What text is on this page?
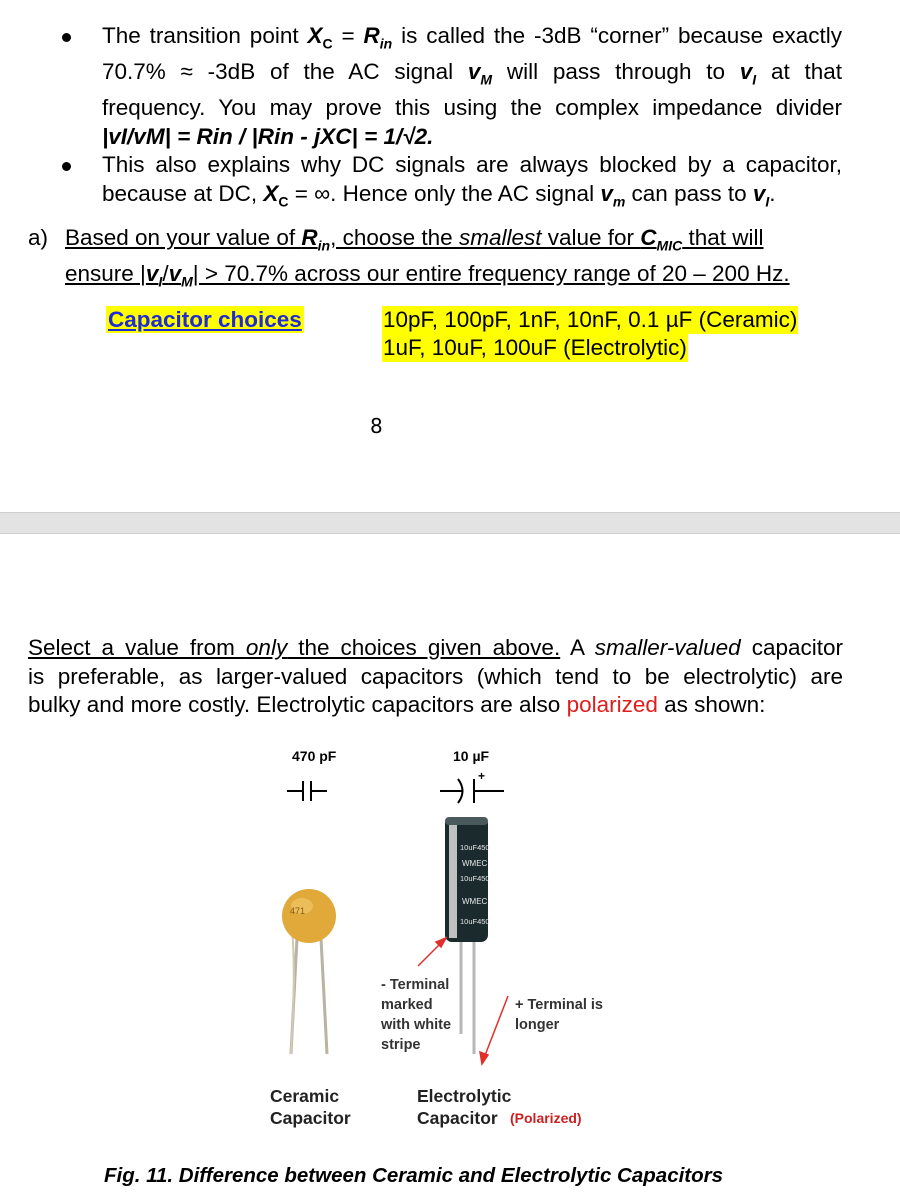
The transition point $X_C = R_{in}$ is called the -3dB “corner” because exactly
70.7% ≈ -3dB of the AC signal $v_M$ will pass through to $v_I$ at that
frequency. You may prove this using the complex impedance divider
|vI/vM| = Rin / |Rin - jXC| = 1/√2.
This also explains why DC signals are always blocked by a capacitor,
because at DC, $X_C$ = ∞. Hence only the AC signal $v_m$ can pass to $v_I$.
a) Based on your value of $R_{in}$, choose the smallest value for $C_{MIC}$ that will
ensure $|v_I/v_M| > 70.7\%$ across our entire frequency range of 20 – 200 Hz.
Capacitor choices	10pF, 100pF, 1nF, 10nF, 0.1 µF (Ceramic)
1uF, 10uF, 100uF (Electrolytic)
8
Select a value from only the choices given above. A smaller-valued capacitor
is preferable, as larger-valued capacitors (which tend to be electrolytic) are
bulky and more costly. Electrolytic capacitors are also polarized as shown:
470 pF	10 µF
+
471
10uF450
WMEC
10uF450
WMEC
10uF450
- Terminal
marked
with white
stripe
+ Terminal is
longer
Ceramic
Capacitor
Electrolytic
Capacitor (Polarized)
Fig. 11. Difference between Ceramic and Electrolytic Capacitors
